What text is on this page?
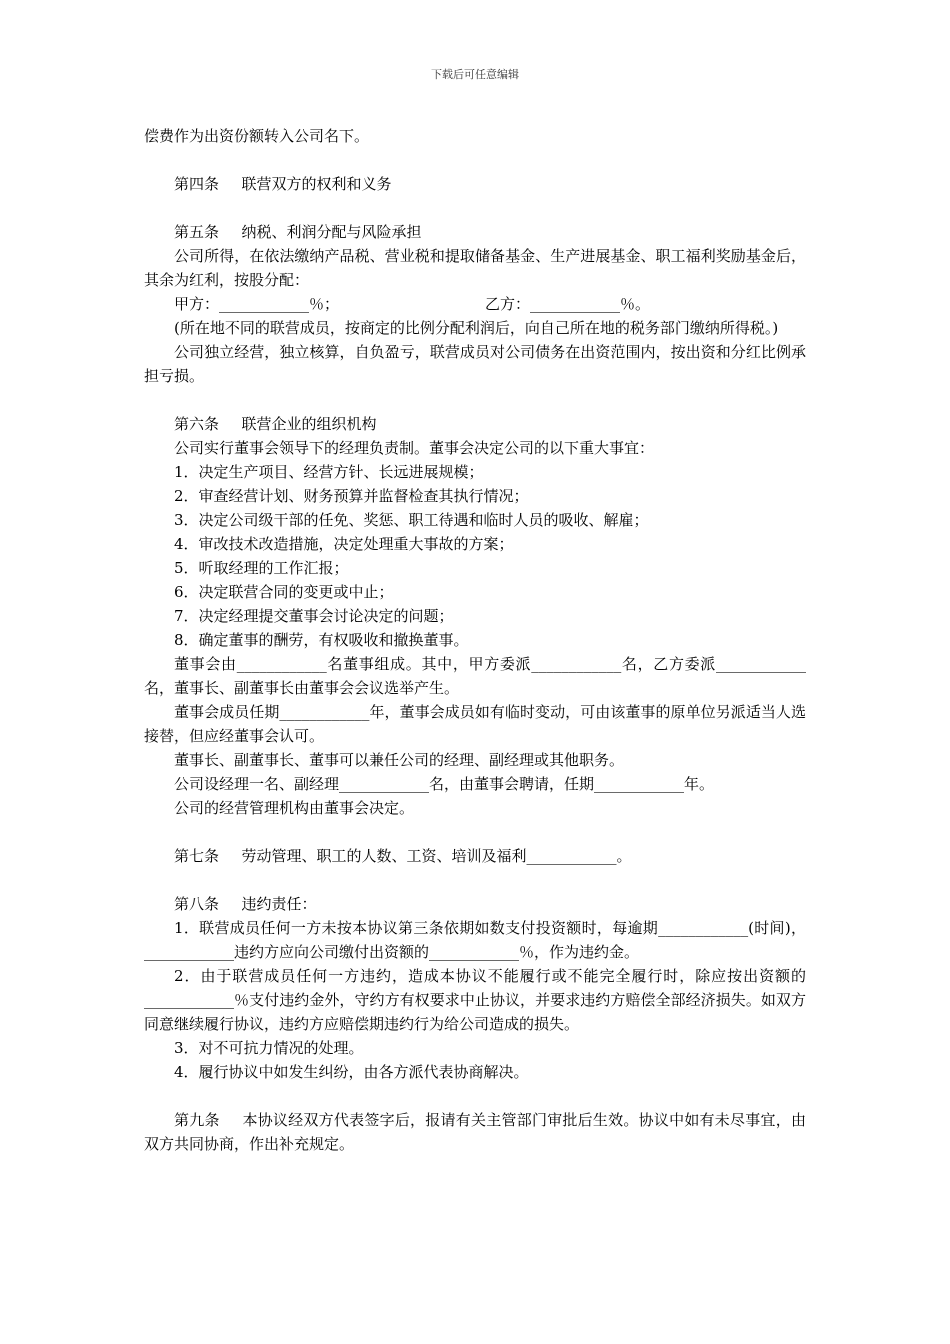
下载后可任意编辑

偿费作为出资份额转入公司名下。

第四条 联营双方的权利和义务

第五条 纳税、利润分配与风险承担

公司所得，在依法缴纳产品税、营业税和提取储备基金、生产进展基金、职工福利奖励基金后，其余为红利，按股分配：

甲方：____________％；	乙方：____________％。

(所在地不同的联营成员，按商定的比例分配利润后，向自己所在地的税务部门缴纳所得税。)

公司独立经营，独立核算，自负盈亏，联营成员对公司债务在出资范围内，按出资和分红比例承担亏损。

第六条 联营企业的组织机构

公司实行董事会领导下的经理负责制。董事会决定公司的以下重大事宜：

1．决定生产项目、经营方针、长远进展规模；

2．审查经营计划、财务预算并监督检查其执行情况；

3．决定公司级干部的任免、奖惩、职工待遇和临时人员的吸收、解雇；

4．审改技术改造措施，决定处理重大事故的方案；

5．听取经理的工作汇报；

6．决定联营合同的变更或中止；

7．决定经理提交董事会讨论决定的问题；

8．确定董事的酬劳，有权吸收和撤换董事。

董事会由____________名董事组成。其中，甲方委派____________名，乙方委派____________名，董事长、副董事长由董事会会议选举产生。

董事会成员任期____________年，董事会成员如有临时变动，可由该董事的原单位另派适当人选接替，但应经董事会认可。

董事长、副董事长、董事可以兼任公司的经理、副经理或其他职务。

公司设经理一名、副经理____________名，由董事会聘请，任期____________年。

公司的经营管理机构由董事会决定。

第七条 劳动管理、职工的人数、工资、培训及福利____________。

第八条 违约责任：

1．联营成员任何一方未按本协议第三条依期如数支付投资额时，每逾期____________(时间)，____________违约方应向公司缴付出资额的____________％，作为违约金。

2．由于联营成员任何一方违约，造成本协议不能履行或不能完全履行时，除应按出资额的____________％支付违约金外，守约方有权要求中止协议，并要求违约方赔偿全部经济损失。如双方同意继续履行协议，违约方应赔偿期违约行为给公司造成的损失。

3．对不可抗力情况的处理。

4．履行协议中如发生纠纷，由各方派代表协商解决。

第九条 本协议经双方代表签字后，报请有关主管部门审批后生效。协议中如有未尽事宜，由双方共同协商，作出补充规定。
